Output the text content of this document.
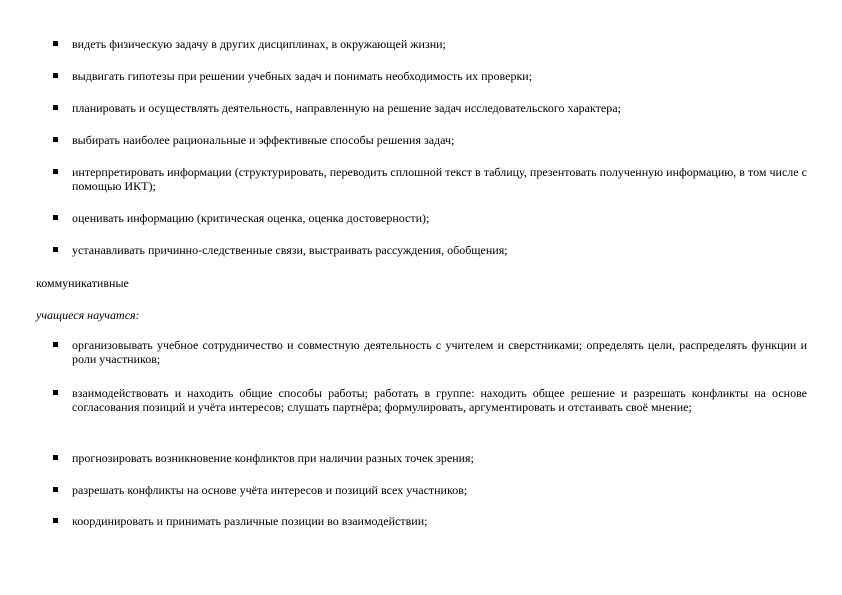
видеть физическую задачу в других дисциплинах, в окружающей жизни;
выдвигать гипотезы при решении учебных задач и понимать необходимость их проверки;
планировать и осуществлять деятельность, направленную на решение задач исследовательского характера;
выбирать наиболее рациональные и эффективные способы решения задач;
интерпретировать информации (структурировать, переводить сплошной текст в таблицу, презентовать полученную информацию, в том числе с помощью ИКТ);
оценивать информацию (критическая оценка, оценка достоверности);
устанавливать причинно-следственные связи, выстраивать рассуждения, обобщения;
коммуникативные
учащиеся научатся:
организовывать учебное сотрудничество и совместную деятельность с учителем и сверстниками; определять цели, распределять функции и роли участников;
взаимодействовать и находить общие способы работы; работать в группе: находить общее решение и разрешать конфликты на основе согласования позиций и учёта интересов; слушать партнёра; формулировать, аргументировать и отстаивать своё мнение;
прогнозировать возникновение конфликтов при наличии разных точек зрения;
разрешать конфликты на основе учёта интересов и позиций всех участников;
координировать и принимать различные позиции во взаимодействии;
